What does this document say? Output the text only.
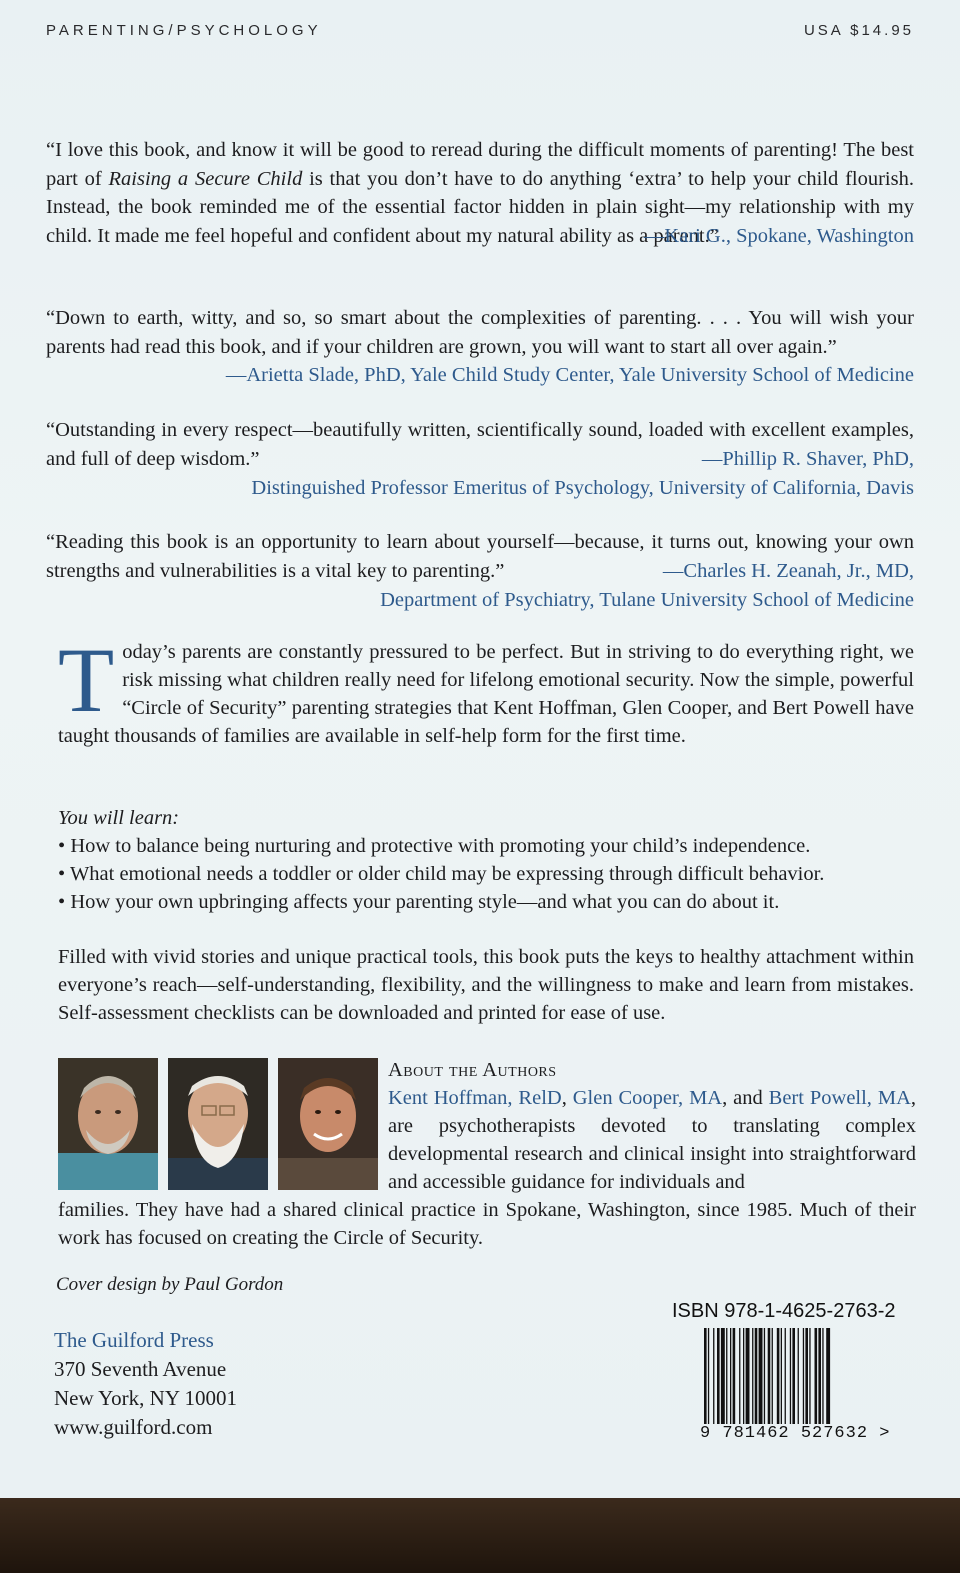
PARENTING/PSYCHOLOGY	USA $14.95

“I love this book, and know it will be good to reread during the difficult moments of parenting! The best part of Raising a Secure Child is that you don’t have to do anything ‘extra’ to help your child flourish. Instead, the book reminded me of the essential factor hidden in plain sight—my relationship with my child. It made me feel hopeful and confident about my natural ability as a parent.”

—Kari G., Spokane, Washington

“Down to earth, witty, and so, so smart about the complexities of parenting. . . . You will wish your parents had read this book, and if your children are grown, you will want to start all over again.”

—Arietta Slade, PhD, Yale Child Study Center, Yale University School of Medicine

“Outstanding in every respect—beautifully written, scientifically sound, loaded with excellent examples, and full of deep wisdom.”	—Phillip R. Shaver, PhD,
Distinguished Professor Emeritus of Psychology, University of California, Davis

“Reading this book is an opportunity to learn about yourself—because, it turns out, knowing your own strengths and vulnerabilities is a vital key to parenting.”	—Charles H. Zeanah, Jr., MD,
Department of Psychiatry, Tulane University School of Medicine
Today’s parents are constantly pressured to be perfect. But in striving to do everything right, we risk missing what children really need for lifelong emotional security. Now the simple, powerful “Circle of Security” parenting strategies that Kent Hoffman, Glen Cooper, and Bert Powell have taught thousands of families are available in self-help form for the first time.
You will learn:
• How to balance being nurturing and protective with promoting your child’s independence.
• What emotional needs a toddler or older child may be expressing through difficult behavior.
• How your own upbringing affects your parenting style—and what you can do about it.
Filled with vivid stories and unique practical tools, this book puts the keys to healthy attachment within everyone’s reach—self-understanding, flexibility, and the willingness to make and learn from mistakes. Self-assessment checklists can be downloaded and printed for ease of use.
About the Authors
Kent Hoffman, RelD, Glen Cooper, MA, and Bert Powell, MA, are psychotherapists devoted to translating complex developmental research and clinical insight into straightforward and accessible guidance for individuals and
families. They have had a shared clinical practice in Spokane, Washington, since 1985. Much of their work has focused on creating the Circle of Security.
Cover design by Paul Gordon
The Guilford Press
370 Seventh Avenue
New York, NY 10001
www.guilford.com
ISBN 978-1-4625-2763-2
9 781462 527632 >
